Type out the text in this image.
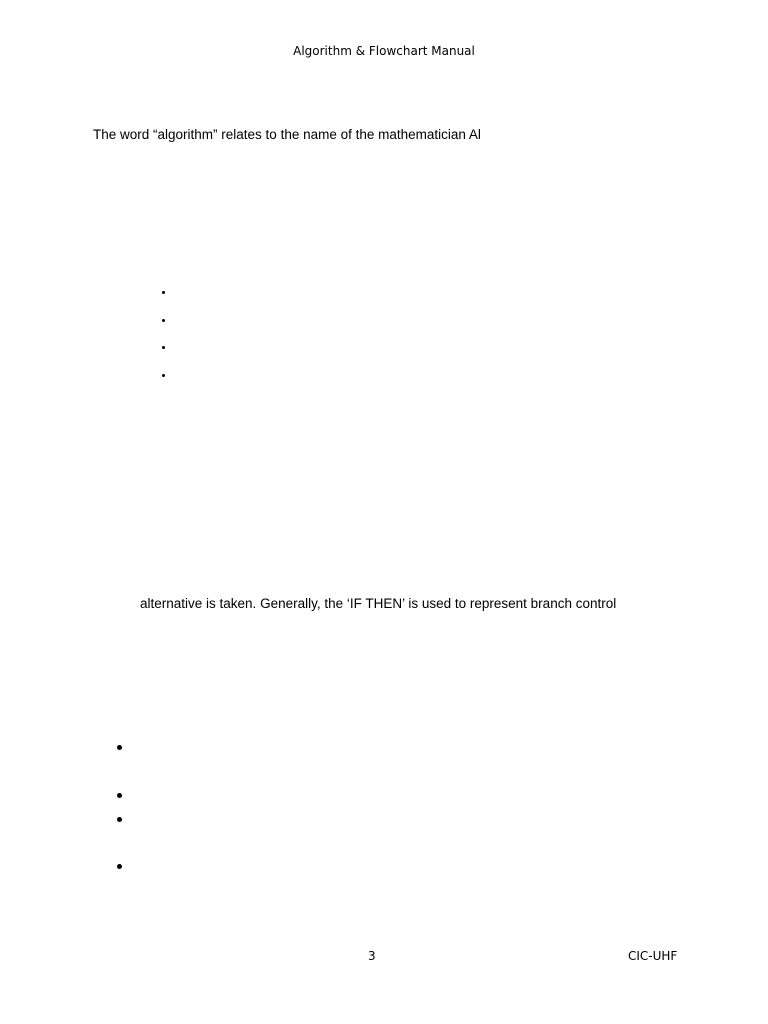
Algorithm & Flowchart Manual
The word “algorithm” relates to the name of the mathematician Al
alternative is taken. Generally, the ‘IF THEN’ is used to represent branch control
3	CIC-UHF
